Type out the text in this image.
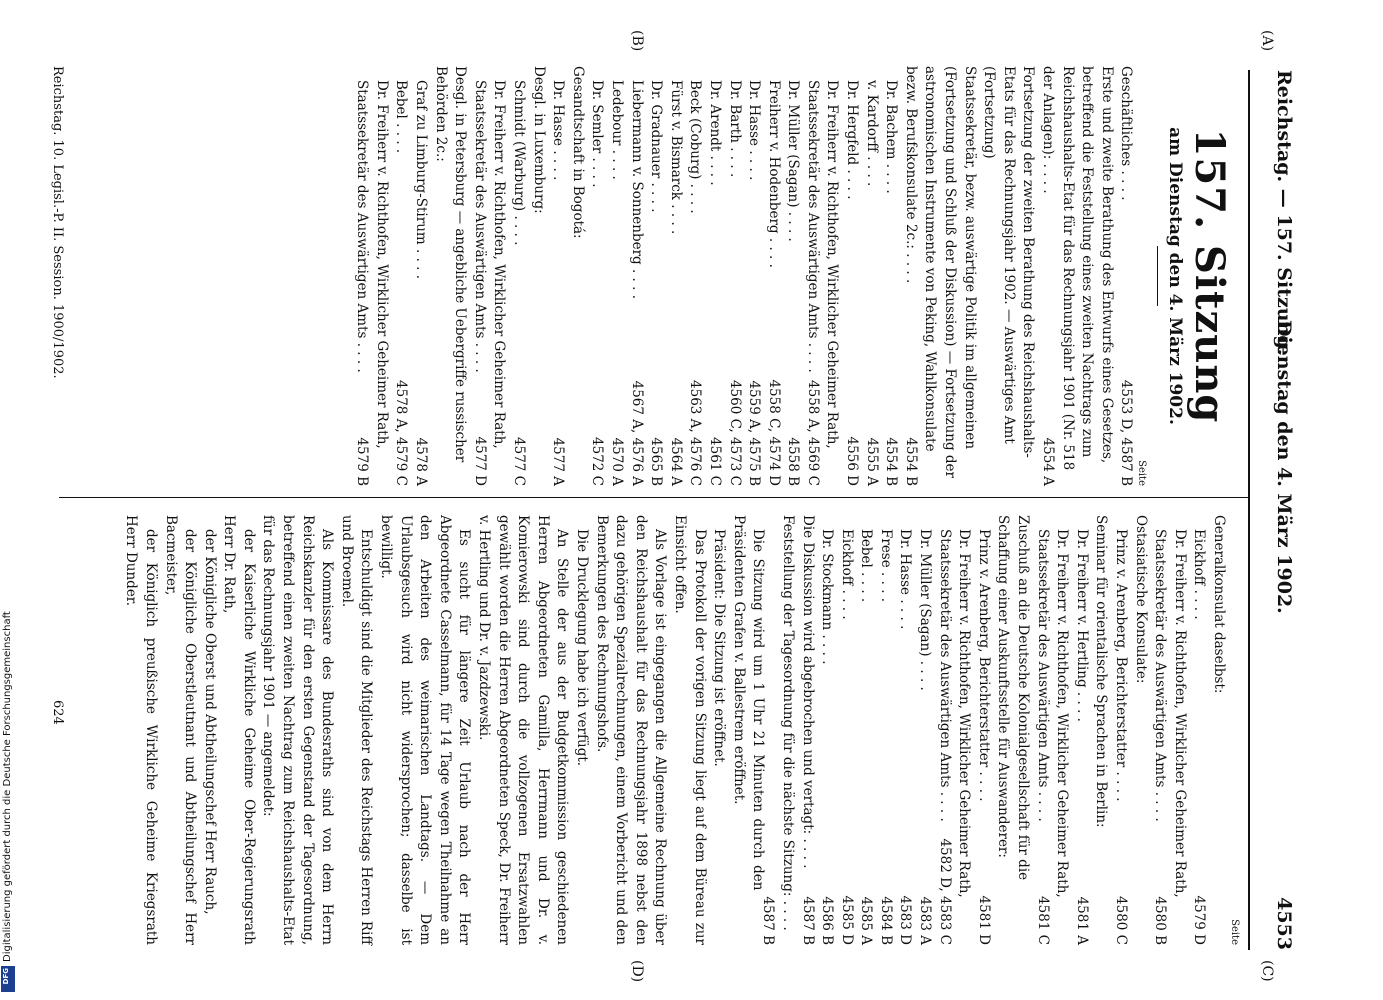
Reichstag. — 157. Sitzung.
Dienstag den 4. März 1902.
4553
(A)
(B)
(C)
(D)
157. Sitzung
am Dienstag den 4. März 1902.
Seite
Geschäftliches . . . .
4553 D, 4587 B
Erste und zweite Berathung des Entwurfs eines Gesetzes, betreffend die Feststellung eines zweiten Nachtrags zum Reichshaushalts-Etat für das Rechnungsjahr 1901 (Nr. 518 der Anlagen): . . . .
4554 A
Fortsetzung der zweiten Berathung des Reichshaushalts-Etats für das Rechnungsjahr 1902. — Auswärtiges Amt (Fortsetzung)
Staatssekretär, bezw. auswärtige Politik im allgemeinen (Fortsetzung und Schluß der Diskussion) — Fortsetzung der astronomischen Instrumente von Peking, Wahlkonsulate bezw. Berufskonsulate 2c.: . . . .
4554 B
Dr. Bachem . . . .
4554 B
v. Kardorff . . . .
4555 A
Dr. Hergfeld . . . .
4556 D
Dr. Freiherr v. Richthofen, Wirklicher Geheimer Rath, Staatssekretär des Auswärtigen Amts . . . .
4558 A, 4569 C
Dr. Müller (Sagan) . . . .
4558 B
Freiherr v. Hodenberg . . . .
4558 C, 4574 D
Dr. Hasse . . . .
4559 A, 4575 B
Dr. Barth . . . .
4560 C, 4573 C
Dr. Arendt . . . .
4561 C
Beck (Coburg) . . . .
4563 A, 4576 C
Fürst v. Bismarck . . . .
4564 A
Dr. Gradnauer . . . .
4565 B
Liebermann v. Sonnenberg . . . .
4567 A, 4576 A
Ledebour . . . .
4570 A
Dr. Semler . . . .
4572 C
Gesandtschaft in Bogotá:
Dr. Hasse . . . .
4577 A
Desgl. in Luxemburg:
Schmidt (Warburg) . . . .
4577 C
Dr. Freiherr v. Richthofen, Wirklicher Geheimer Rath, Staatssekretär des Auswärtigen Amts . . . .
4577 D
Desgl. in Petersburg — angebliche Uebergriffe russischer Behörden 2c.:
Graf zu Limburg-Stirum . . . .
4578 A
Bebel . . . .
4578 A, 4579 C
Dr. Freiherr v. Richthofen, Wirklicher Geheimer Rath, Staatssekretär des Auswärtigen Amts . . . .
4579 B
Seite
Generalkonsulat daselbst:
Eickhoff . . . .
4579 D
Dr. Freiherr v. Richthofen, Wirklicher Geheimer Rath, Staatssekretär des Auswärtigen Amts . . . .
4580 B
Ostasiatische Konsulate:
Prinz v. Arenberg, Berichterstatter . . . .
4580 C
Seminar für orientalische Sprachen in Berlin:
Dr. Freiherr v. Hertling . . . .
4581 A
Dr. Freiherr v. Richthofen, Wirklicher Geheimer Rath, Staatssekretär des Auswärtigen Amts . . . .
4581 C
Zuschuß an die Deutsche Kolonialgesellschaft für die Schaffung einer Auskunftsstelle für Auswanderer:
Prinz v. Arenberg, Berichterstatter . . . .
4581 D
Dr. Freiherr v. Richthofen, Wirklicher Geheimer Rath, Staatssekretär des Auswärtigen Amts . . . .
4582 D, 4583 C
Dr. Müller (Sagan) . . . .
4583 A
Dr. Hasse . . . .
4583 D
Frese . . . .
4584 B
Bebel . . . .
4585 A
Eickhoff . . . .
4585 D
Dr. Stockmann . . . .
4586 B
Die Diskussion wird abgebrochen und vertagt: . . . .
4587 B
Feststellung der Tagesordnung für die nächste Sitzung: . . . .
4587 B

Die Sitzung wird um 1 Uhr 21 Minuten durch den Präsidenten Grafen v. Ballestrem eröffnet.

Präsident: Die Sitzung ist eröffnet.

Das Protokoll der vorigen Sitzung liegt auf dem Büreau zur Einsicht offen.

Als Vorlage ist eingegangen die Allgemeine Rechnung über den Reichshaushalt für das Rechnungsjahr 1898 nebst den dazu gehörigen Spezialrechnungen, einem Vorbericht und den Bemerkungen des Rechnungshofs.

Die Drucklegung habe ich verfügt.

An Stelle der aus der Budgetkommission geschiedenen Herren Abgeordneten Gamilla, Herrmann und Dr. v. Komierowski sind durch die vollzogenen Ersatzwahlen gewählt worden die Herren Abgeordneten Speck, Dr. Freiherr v. Hertling und Dr. v. Jazdzewski.

Es sucht für längere Zeit Urlaub nach der Herr Abgeordnete Casselmann, für 14 Tage wegen Theilnahme an den Arbeiten des weimarischen Landtags. — Dem Urlaubsgesuch wird nicht widersprochen; dasselbe ist bewilligt.

Entschuldigt sind die Mitglieder des Reichstags Herren Riff und Broemel.

Als Kommissare des Bundesraths sind von dem Herrn Reichskanzler für den ersten Gegenstand der Tagesordnung, betreffend einen zweiten Nachtrag zum Reichshaushalts-Etat für das Rechnungsjahr 1901 — angemeldet:

der Kaiserliche Wirkliche Geheime Ober-Regierungsrath Herr Dr. Rath,

der Königliche Oberst und Abtheilungschef Herr Rauch,

der Königliche Oberstleutnant und Abtheilungschef Herr Bacmeister,

der Königlich preußische Wirkliche Geheime Kriegsrath Herr Dunder.

Reichstag. 10. Legisl.-P. II. Session. 1900/1902.
624
Digitalisierung gefördert durch die Deutsche Forschungsgemeinschaft
DFG
